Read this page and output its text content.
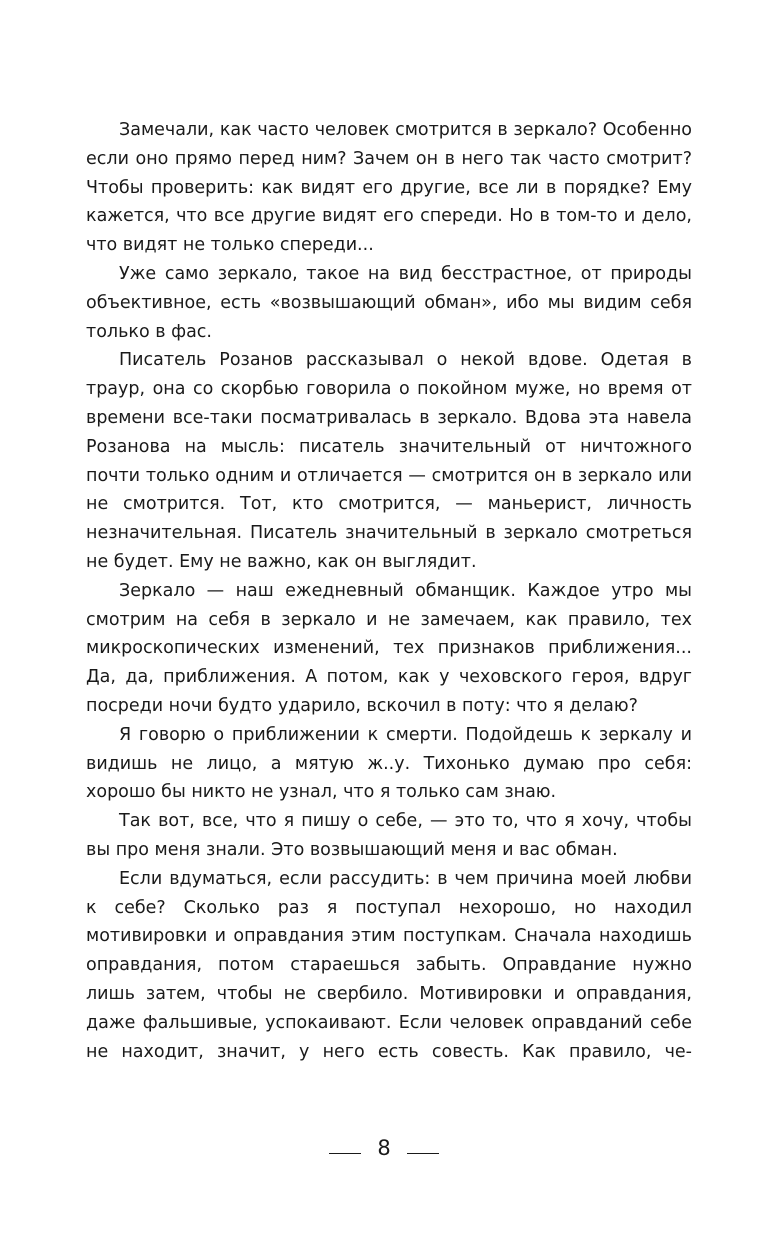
Замечали, как часто человек смотрится в зеркало? Особенно если оно прямо перед ним? Зачем он в него так часто смотрит? Чтобы проверить: как видят его другие, все ли в порядке? Ему кажется, что все другие видят его спереди. Но в том-то и дело, что видят не только спереди...

Уже само зеркало, такое на вид бесстрастное, от природы объективное, есть «возвышающий обман», ибо мы видим себя только в фас.

Писатель Розанов рассказывал о некой вдове. Одетая в траур, она со скорбью говорила о покойном муже, но время от времени все-таки посматривалась в зеркало. Вдова эта навела Розанова на мысль: писатель значительный от ничтожного почти только одним и отличается — смотрится он в зеркало или не смотрится. Тот, кто смотрится, — маньерист, личность незначительная. Писатель значительный в зеркало смотреться не будет. Ему не важно, как он выглядит.

Зеркало — наш ежедневный обманщик. Каждое утро мы смотрим на себя в зеркало и не замечаем, как правило, тех микроскопических изменений, тех признаков приближения... Да, да, приближения. А потом, как у чеховского героя, вдруг посреди ночи будто ударило, вскочил в поту: что я делаю?

Я говорю о приближении к смерти. Подойдешь к зеркалу и видишь не лицо, а мятую ж..у. Тихонько думаю про себя: хорошо бы никто не узнал, что я только сам знаю.

Так вот, все, что я пишу о себе, — это то, что я хочу, чтобы вы про меня знали. Это возвышающий меня и вас обман.

Если вдуматься, если рассудить: в чем причина моей любви к себе? Сколько раз я поступал нехорошо, но находил мотивировки и оправдания этим поступкам. Сначала находишь оправдания, потом стараешься забыть. Оправдание нужно лишь затем, чтобы не свербило. Мотивировки и оправдания, даже фальшивые, успокаивают. Если человек оправданий себе не находит, значит, у него есть совесть. Как правило, че-

8
